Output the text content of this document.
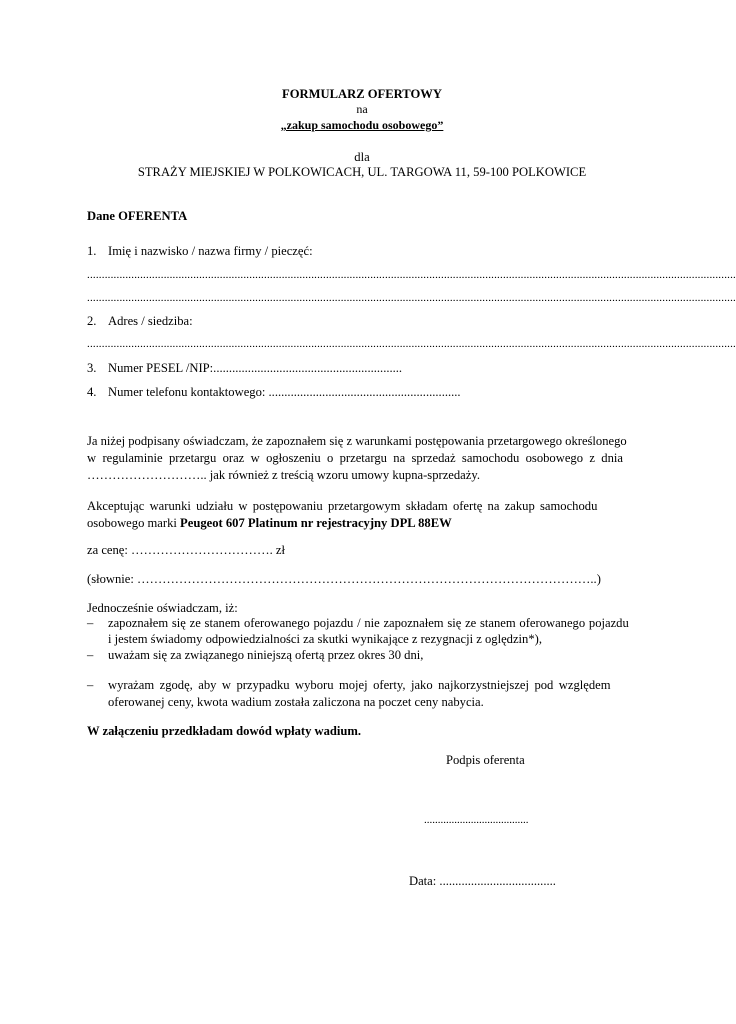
FORMULARZ OFERTOWY
na
„zakup samochodu osobowego”
dla
STRAŻY MIEJSKIEJ W POLKOWICACH, UL. TARGOWA 11, 59-100 POLKOWICE
Dane OFERENTA
1. Imię i nazwisko / nazwa firmy / pieczęć:
............................................................................................................................................................................................................................
............................................................................................................................................................................................................................
2. Adres / siedziba:
............................................................................................................................................................................................................................
3. Numer PESEL /NIP:............................................................
4. Numer telefonu kontaktowego: .............................................................
Ja niżej podpisany oświadczam, że zapoznałem się z warunkami postępowania przetargowego określonego
w regulaminie przetargu oraz w ogłoszeniu o przetargu na sprzedaż samochodu osobowego z dnia
……………………….. jak również z treścią wzoru umowy kupna-sprzedaży.
Akceptując warunki udziału w postępowaniu przetargowym składam ofertę na zakup samochodu
osobowego marki Peugeot 607 Platinum nr rejestracyjny DPL 88EW
za cenę: ……………………………. zł
(słownie: ………………………………………………………………………………………………..)
Jednocześnie oświadczam, iż:
– zapoznałem się ze stanem oferowanego pojazdu / nie zapoznałem się ze stanem oferowanego pojazdu
i jestem świadomy odpowiedzialności za skutki wynikające z rezygnacji z oględzin*),
– uważam się za związanego niniejszą ofertą przez okres 30 dni,
– wyrażam zgodę, aby w przypadku wyboru mojej oferty, jako najkorzystniejszej pod względem
oferowanej ceny, kwota wadium została zaliczona na poczet ceny nabycia.
W załączeniu przedkładam dowód wpłaty wadium.
Podpis oferenta
......................................
Data: .....................................
